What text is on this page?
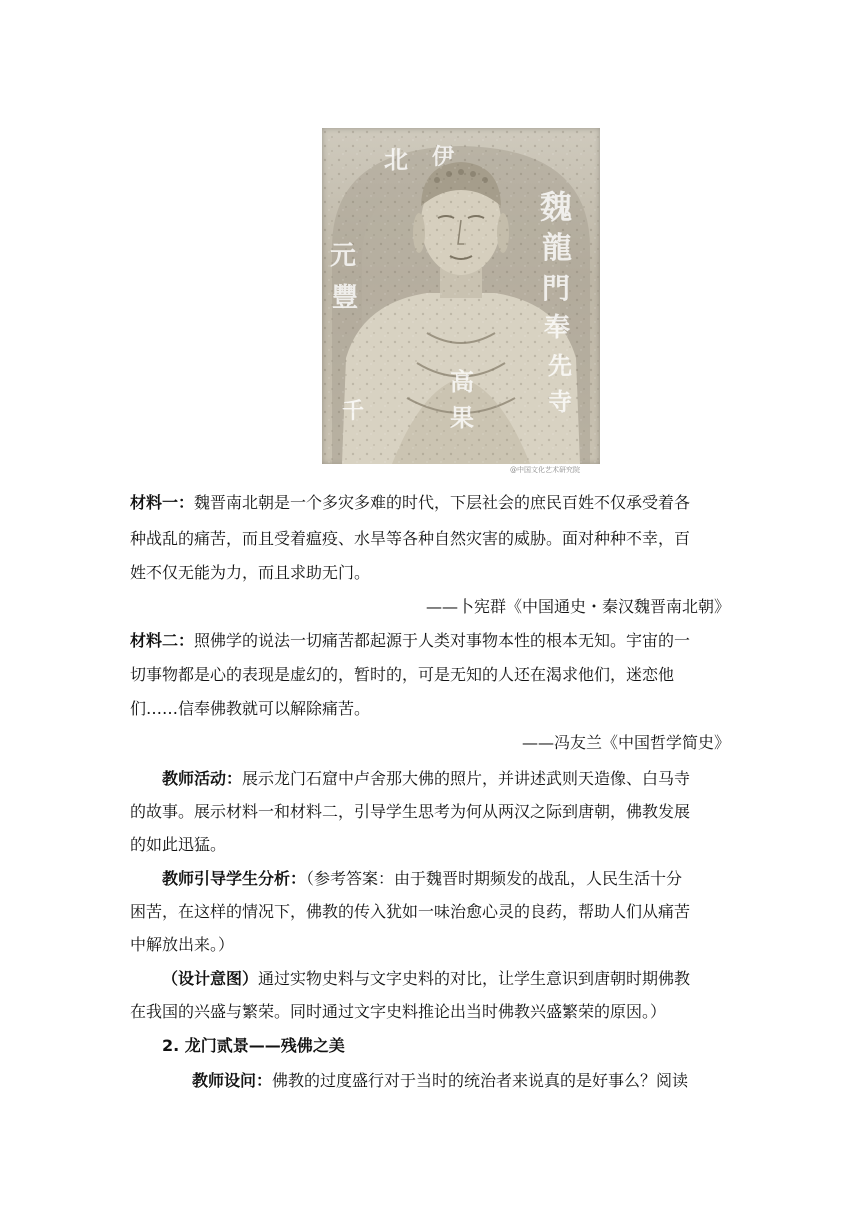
北 伊
魏
龍
門
奉
先
寺
元
豐
高
果
千
@中国文化艺术研究院
材料一：魏晋南北朝是一个多灾多难的时代，下层社会的庶民百姓不仅承受着各
种战乱的痛苦，而且受着瘟疫、水旱等各种自然灾害的威胁。面对种种不幸，百
姓不仅无能为力，而且求助无门。
——卜宪群《中国通史・秦汉魏晋南北朝》
材料二：照佛学的说法一切痛苦都起源于人类对事物本性的根本无知。宇宙的一
切事物都是心的表现是虚幻的，暂时的，可是无知的人还在渴求他们，迷恋他
们……信奉佛教就可以解除痛苦。
——冯友兰《中国哲学简史》
教师活动：展示龙门石窟中卢舍那大佛的照片，并讲述武则天造像、白马寺
的故事。展示材料一和材料二，引导学生思考为何从两汉之际到唐朝，佛教发展
的如此迅猛。
教师引导学生分析：（参考答案：由于魏晋时期频发的战乱，人民生活十分
困苦，在这样的情况下，佛教的传入犹如一味治愈心灵的良药，帮助人们从痛苦
中解放出来。）
（设计意图）通过实物史料与文字史料的对比，让学生意识到唐朝时期佛教
在我国的兴盛与繁荣。同时通过文字史料推论出当时佛教兴盛繁荣的原因。）
2. 龙门贰景——残佛之美
教师设问：佛教的过度盛行对于当时的统治者来说真的是好事么？阅读
